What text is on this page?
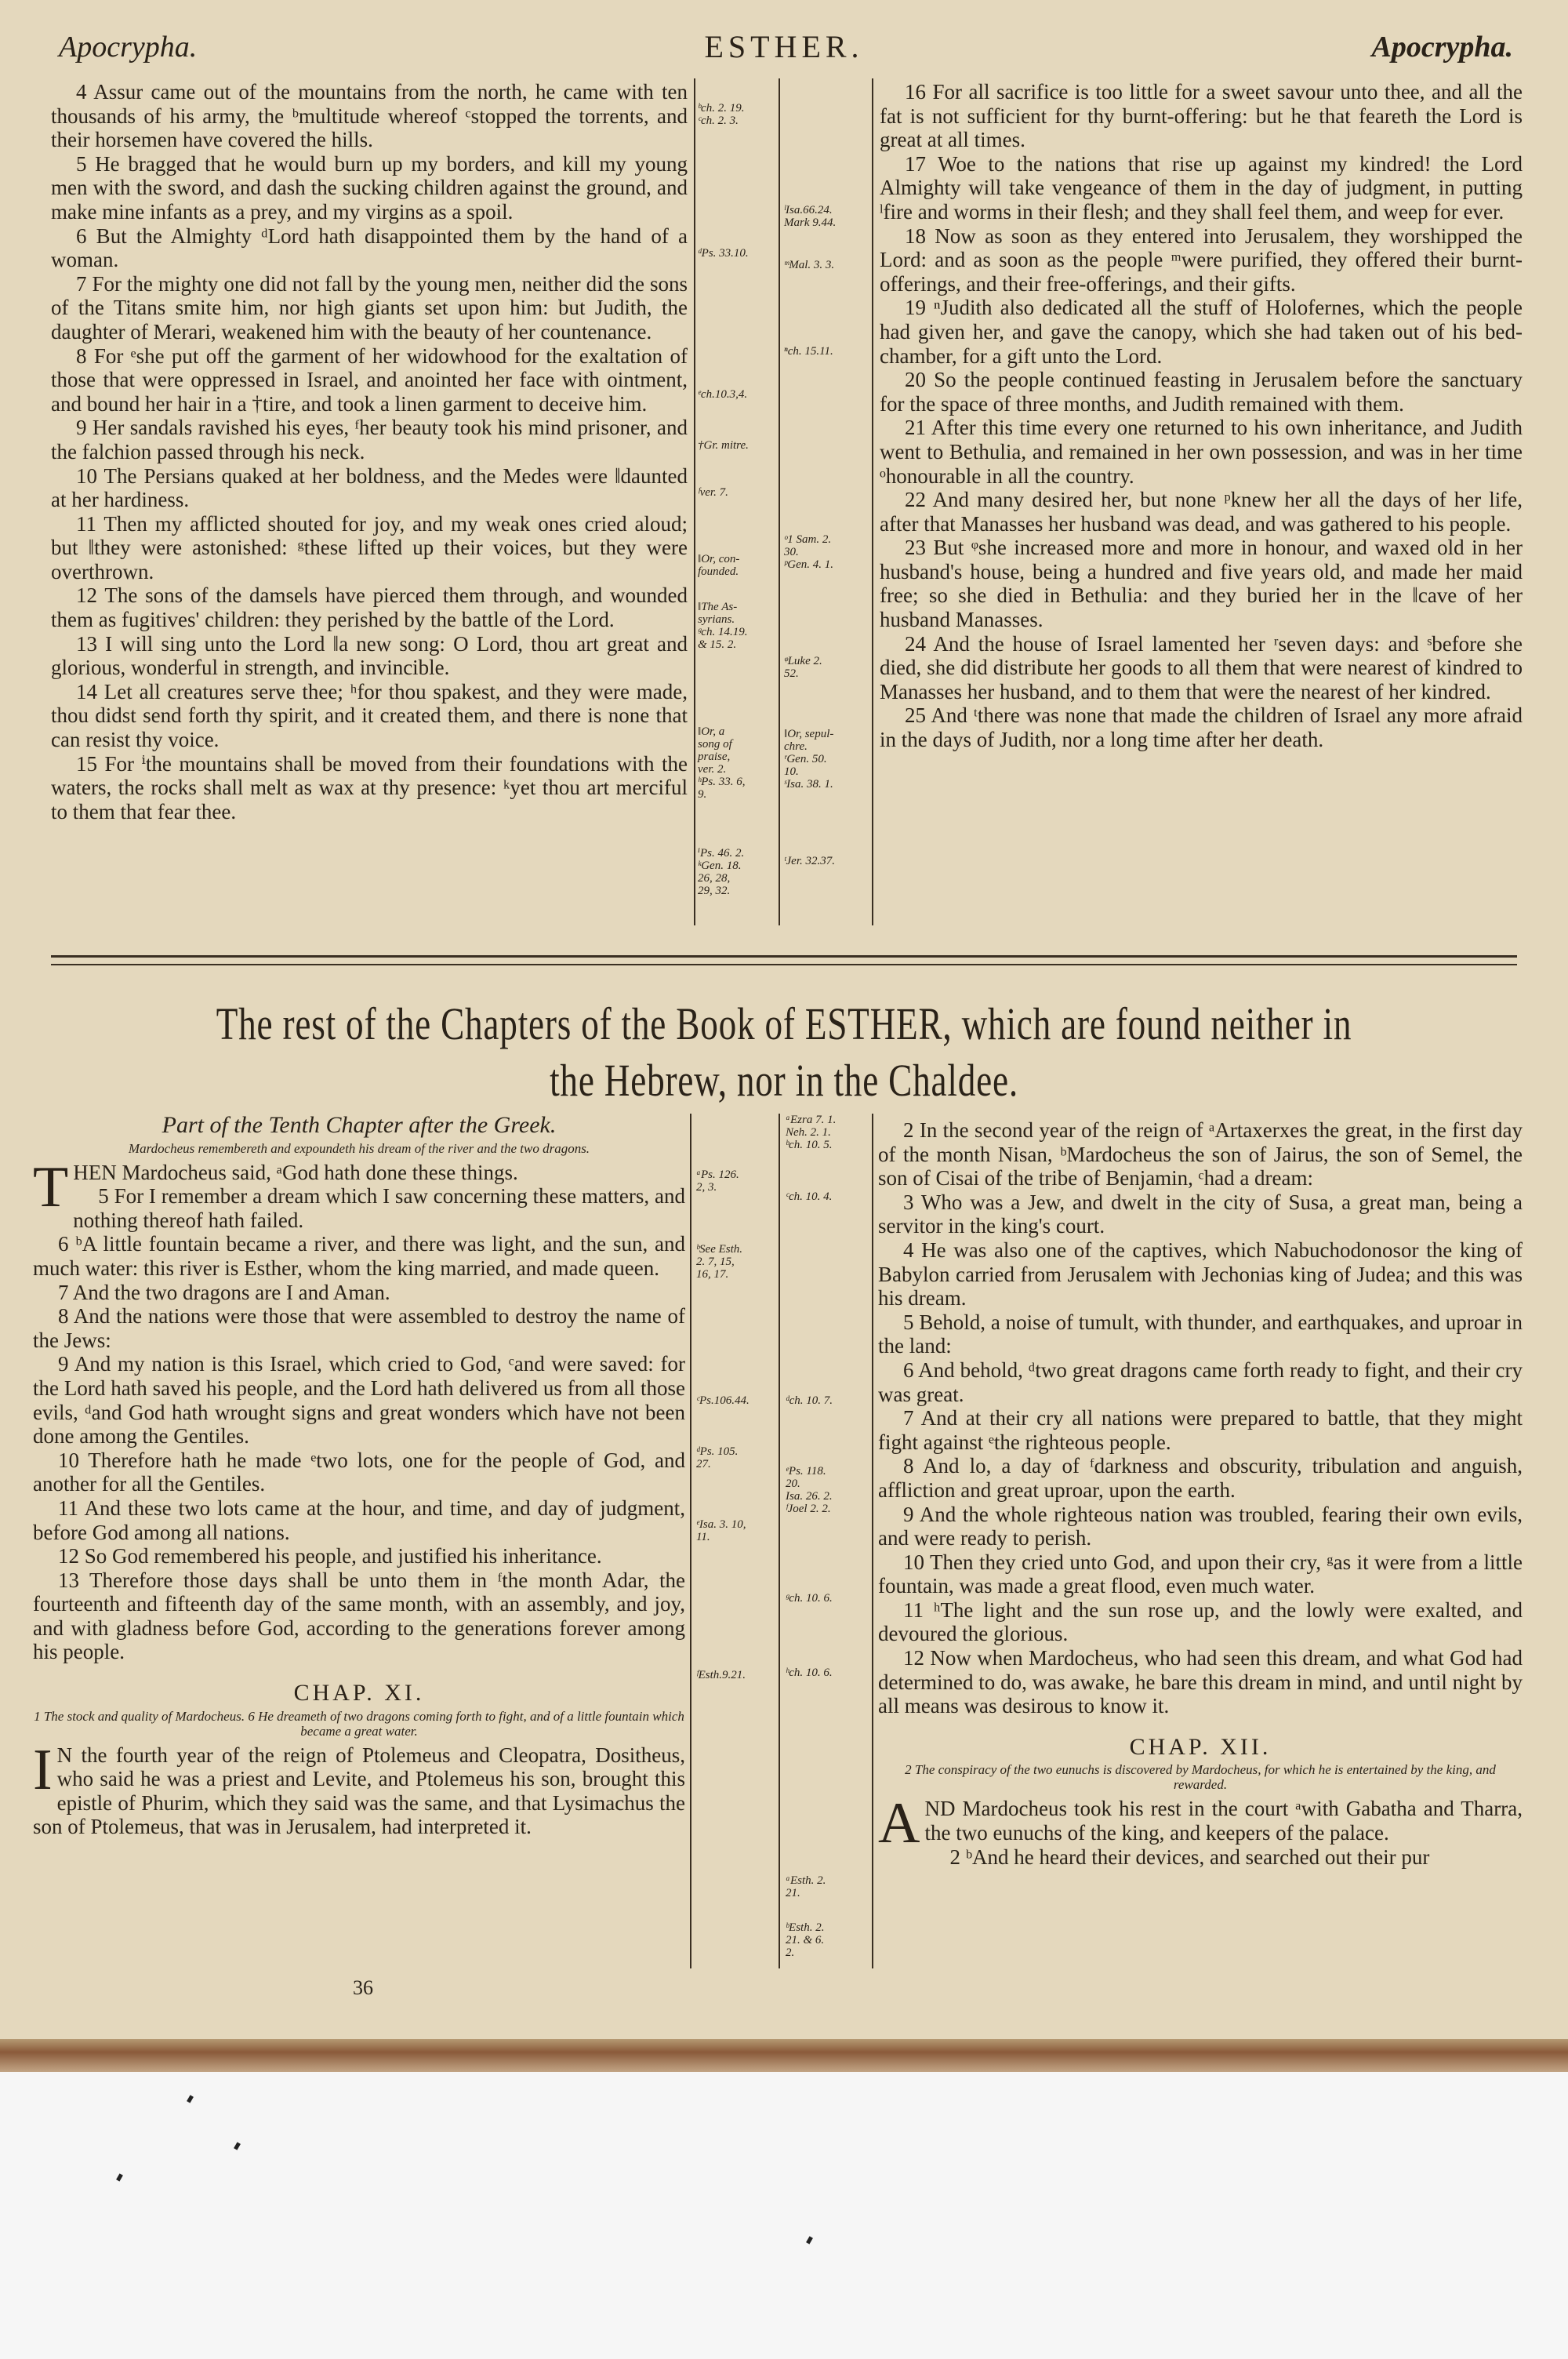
Apocrypha.	ESTHER.	Apocrypha.

4 Assur came out of the mountains from the north, he came with ten thousands of his army, the ᵇmultitude whereof ᶜstopped the torrents, and their horsemen have covered the hills.

5 He bragged that he would burn up my borders, and kill my young men with the sword, and dash the sucking children against the ground, and make mine infants as a prey, and my virgins as a spoil.

6 But the Almighty ᵈLord hath disappointed them by the hand of a woman.

7 For the mighty one did not fall by the young men, neither did the sons of the Titans smite him, nor high giants set upon him: but Judith, the daughter of Merari, weakened him with the beauty of her countenance.

8 For ᵉshe put off the garment of her widowhood for the exaltation of those that were oppressed in Israel, and anointed her face with ointment, and bound her hair in a †tire, and took a linen garment to deceive him.

9 Her sandals ravished his eyes, ᶠher beauty took his mind prisoner, and the falchion passed through his neck.

10 The Persians quaked at her boldness, and the Medes were ‖daunted at her hardiness.

11 Then my afflicted shouted for joy, and my weak ones cried aloud; but ‖they were astonished: ᵍthese lifted up their voices, but they were overthrown.

12 The sons of the damsels have pierced them through, and wounded them as fugitives' children: they perished by the battle of the Lord.

13 I will sing unto the Lord ‖a new song: O Lord, thou art great and glorious, wonderful in strength, and invincible.

14 Let all creatures serve thee; ʰfor thou spakest, and they were made, thou didst send forth thy spirit, and it created them, and there is none that can resist thy voice.

15 For ⁱthe mountains shall be moved from their foundations with the waters, the rocks shall melt as wax at thy presence: ᵏyet thou art merciful to them that fear thee.

ᵇch. 2. 19.
ᶜch. 2. 3.
ᵈPs. 33.10.
ᵉch.10.3,4.
†Gr. mitre.
ᶠver. 7.
‖Or, con-
founded.
‖The As-
syrians.
ᵍch. 14.19.
& 15. 2.
‖Or, a
song of
praise,
ver. 2.
ʰPs. 33. 6,
9.
ⁱPs. 46. 2.
ᵏGen. 18.
26, 28,
29, 32.
ˡIsa.66.24.
Mark 9.44.
ᵐMal. 3. 3.
ⁿch. 15.11.
ᵒ1 Sam. 2.
30.
ᵖGen. 4. 1.
ᵠLuke 2.
52.
‖Or, sepul-
chre.
ʳGen. 50.
10.
ˢIsa. 38. 1.
ᵗJer. 32.37.

16 For all sacrifice is too little for a sweet savour unto thee, and all the fat is not sufficient for thy burnt-offering: but he that feareth the Lord is great at all times.

17 Woe to the nations that rise up against my kindred! the Lord Almighty will take vengeance of them in the day of judgment, in putting ˡfire and worms in their flesh; and they shall feel them, and weep for ever.

18 Now as soon as they entered into Jerusalem, they worshipped the Lord: and as soon as the people ᵐwere purified, they offered their burnt-offerings, and their free-offerings, and their gifts.

19 ⁿJudith also dedicated all the stuff of Holofernes, which the people had given her, and gave the canopy, which she had taken out of his bed-chamber, for a gift unto the Lord.

20 So the people continued feasting in Jerusalem before the sanctuary for the space of three months, and Judith remained with them.

21 After this time every one returned to his own inheritance, and Judith went to Bethulia, and remained in her own possession, and was in her time ᵒhonourable in all the country.

22 And many desired her, but none ᵖknew her all the days of her life, after that Manasses her husband was dead, and was gathered to his people.

23 But ᵠshe increased more and more in honour, and waxed old in her husband's house, being a hundred and five years old, and made her maid free; so she died in Bethulia: and they buried her in the ‖cave of her husband Manasses.

24 And the house of Israel lamented her ʳseven days: and ˢbefore she died, she did distribute her goods to all them that were nearest of kindred to Manasses her husband, and to them that were the nearest of her kindred.

25 And ᵗthere was none that made the children of Israel any more afraid in the days of Judith, nor a long time after her death.

The rest of the Chapters of the Book of ESTHER, which are found neither in the Hebrew, nor in the Chaldee.
Part of the Tenth Chapter after the Greek.
Mardocheus remembereth and expoundeth his dream of the river and the two dragons.

THEN Mardocheus said, ᵃGod hath done these things.

5 For I remember a dream which I saw concerning these matters, and nothing thereof hath failed.

6 ᵇA little fountain became a river, and there was light, and the sun, and much water: this river is Esther, whom the king married, and made queen.

7 And the two dragons are I and Aman.

8 And the nations were those that were assembled to destroy the name of the Jews:

9 And my nation is this Israel, which cried to God, ᶜand were saved: for the Lord hath saved his people, and the Lord hath delivered us from all those evils, ᵈand God hath wrought signs and great wonders which have not been done among the Gentiles.

10 Therefore hath he made ᵉtwo lots, one for the people of God, and another for all the Gentiles.

11 And these two lots came at the hour, and time, and day of judgment, before God among all nations.

12 So God remembered his people, and justified his inheritance.

13 Therefore those days shall be unto them in ᶠthe month Adar, the fourteenth and fifteenth day of the same month, with an assembly, and joy, and with gladness before God, according to the generations forever among his people.

CHAP. XI.
1 The stock and quality of Mardocheus. 6 He dreameth of two dragons coming forth to fight, and of a little fountain which became a great water.

I N the fourth year of the reign of Ptolemeus and Cleopatra, Dositheus, who said he was a priest and Levite, and Ptolemeus his son, brought this epistle of Phurim, which they said was the same, and that Lysimachus the son of Ptolemeus, that was in Jerusalem, had interpreted it.

ᵃPs. 126.
2, 3.
ᵇSee Esth.
2. 7, 15,
16, 17.
ᶜPs.106.44.
ᵈPs. 105.
27.
ᵉIsa. 3. 10,
11.
ᶠEsth.9.21.
ᵃEzra 7. 1.
Neh. 2. 1.
ᵇch. 10. 5.
ᶜch. 10. 4.
ᵈch. 10. 7.
ᵉPs. 118.
20.
Isa. 26. 2.
ᶠJoel 2. 2.
ᵍch. 10. 6.
ʰch. 10. 6.
ᵃEsth. 2.
21.
ᵇEsth. 2.
21. & 6.
2.

2 In the second year of the reign of ᵃArtaxerxes the great, in the first day of the month Nisan, ᵇMardocheus the son of Jairus, the son of Semel, the son of Cisai of the tribe of Benjamin, ᶜhad a dream:

3 Who was a Jew, and dwelt in the city of Susa, a great man, being a servitor in the king's court.

4 He was also one of the captives, which Nabuchodonosor the king of Babylon carried from Jerusalem with Jechonias king of Judea; and this was his dream.

5 Behold, a noise of tumult, with thunder, and earthquakes, and uproar in the land:

6 And behold, ᵈtwo great dragons came forth ready to fight, and their cry was great.

7 And at their cry all nations were prepared to battle, that they might fight against ᵉthe righteous people.

8 And lo, a day of ᶠdarkness and obscurity, tribulation and anguish, affliction and great uproar, upon the earth.

9 And the whole righteous nation was troubled, fearing their own evils, and were ready to perish.

10 Then they cried unto God, and upon their cry, ᵍas it were from a little fountain, was made a great flood, even much water.

11 ʰThe light and the sun rose up, and the lowly were exalted, and devoured the glorious.

12 Now when Mardocheus, who had seen this dream, and what God had determined to do, was awake, he bare this dream in mind, and until night by all means was desirous to know it.

CHAP. XII.
2 The conspiracy of the two eunuchs is discovered by Mardocheus, for which he is entertained by the king, and rewarded.

AND Mardocheus took his rest in the court ᵃwith Gabatha and Tharra, the two eunuchs of the king, and keepers of the palace.

2 ᵇAnd he heard their devices, and searched out their pur

36
